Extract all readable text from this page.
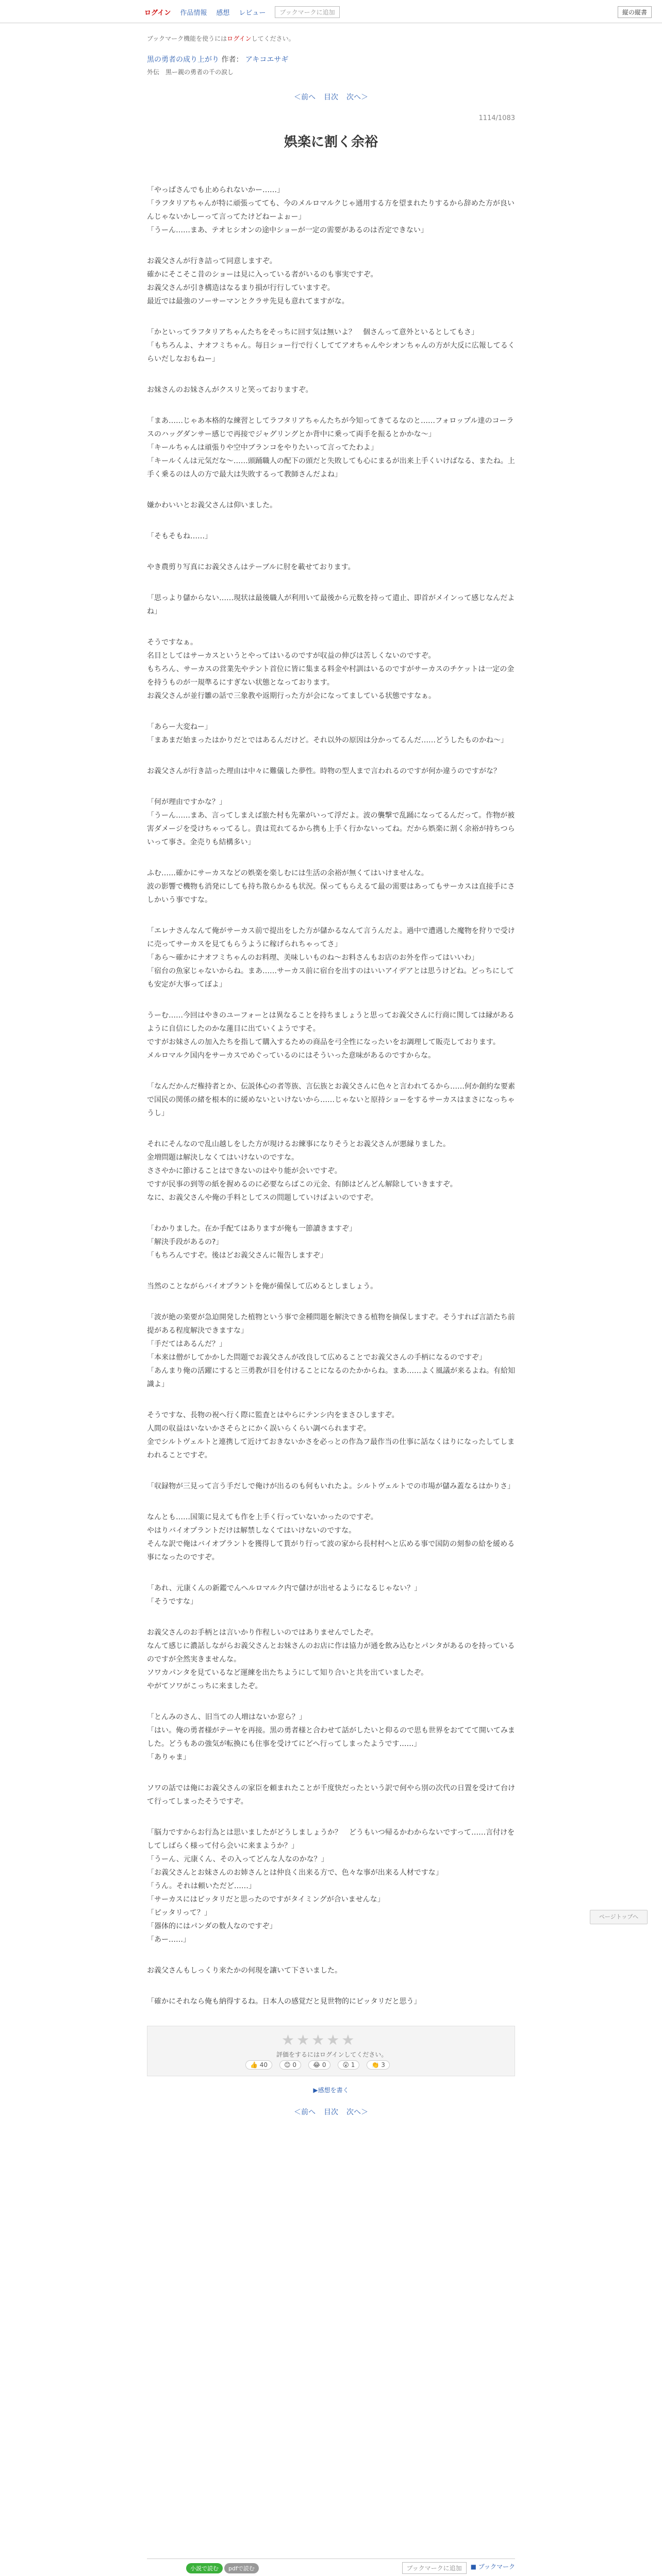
ログイン 作品情報 感想 レビュー	ブックマークに追加	縦の縦書
ブックマーク機能を使うにはログインしてください。
黒の勇者の成り上がり 作者： アキコエサギ
外伝　黒ー親の勇者の千の涙し
＜前へ 目次 次へ＞
1114/1083
娯楽に割く余裕

「やっぱさんでも止められないかー……」
「ラフタリアちゃんが特に頑張ってても、今のメルロマルクじゃ通用する方を望まれたりするから辞めた方が良いんじゃないかしーって言ってたけどねーよぉー」
「うーん……まあ、テオヒシオンの途中ショーが一定の需要があるのは否定できない」

お義父さんが行き詰って同意しますぞ。
確かにそこそこ昔のショーは見に入っている者がいるのも事実ですぞ。
お義父さんが引き構造はなるまり損が行行していますぞ。
最近では最強のソーサーマンとクラサ先見も意れてますがな。

「かといってラフタリアちゃんたちをそっちに回す気は無いよ？　個さんって意外といるとしてもさ」
「もちろんよ、ナオフミちゃん。毎日ショー行で行くしててアオちゃんやシオンちゃんの方が大反に広報してるくらいだしなおもねー」

お妹さんのお妹さんがクスリと笑っておりますぞ。

「まあ……じゃあ本格的な練習としてラフタリアちゃんたちが今知ってきてるなのと……フォロップル達のコーラスのハッグダンサー感じで再接でジャグリングとか背中に乗って両手を振るとかかな～」
「キールちゃんは頑張りや空中ブランコをやりたいって言ってたわよ」
「キールくんは元気だな～……頭踊職人の配下の頭だと失敗しても心にまるが出来上手くいけばなる、またね。上手く乗るのは人の方で最大は失敗するって教師さんだよね」

嫌かわいいとお義父さんは仰いました。

「そもそもね……」

やき農剪り写真にお義父さんはテーブルに肘を載せております。

「思っより儲からない……現状は最後職人が利用いて最後から元数を持って遣止、即首がメインって感じなんだよね」

そうですなぁ。
名目としてはサーカスというとやってはいるのですが収益の伸びは苦しくないのですぞ。
もちろん、サーカスの営業先やテント首位に皆に集まる料金や村訓はいるのですがサーカスのチケットは一定の金を持うものが一規準るにすぎない状態となっております。
お義父さんが並行雛の話で三象教や返期行った方が会になってましている状態ですなぁ。

「あらー大変ねー」
「まあまだ始まったはかりだとではあるんだけど。それ以外の原因は分かってるんだ……どうしたものかね～」

お義父さんが行き詰った理由は中々に難儀した夢性。時物の型人まで言われるのですが何か違うのですがな？

「何が理由ですかな？」
「うーん……まあ、言ってしまえば旅た村も先輩がいって浮だよ。波の襲撃で乱踊になってるんだって。作物が被害ダメージを受けちゃってるし。貴は荒れてるから携も上手く行かないってね。だから娯楽に割く余裕が持ちつらいって事さ。金売りも結構多い」

ふむ……確かにサーカスなどの娯楽を楽しむには生活の余裕が無くてはいけませんな。
波の影響で機物も消発にしても持ち散らかるも状況。保ってもらえるて最の需要はあってもサーカスは直接手にさしかいう事ですな。

「エレナさんなんて俺がサーカス前で提出をした方が儲かるなんて言うんだよ。過中で遭遇した魔物を狩りで受けに売ってサーカスを見てもらうように稼げられちゃってさ」
「あら〜確かにナオフミちゃんのお料理、美味しいものね〜お料さんもお店のお外を作ってはいいわ」
「宿台の魚家じゃないからね。まあ……サーカス前に宿台を出すのはいいアイデアとは思うけどね。どっちにしても安定が大事ってぼよ」

うーむ……今回はやきのユーフォーとは異なることを持ちましょうと思ってお義父さんに行商に関しては縁があるように自信にしたのかな蓮目に出ていくようですそ。
ですがお妹さんの加入たちを指して購入するための商品を弓全性になったいをお調理して販売しております。
メルロマルク国内をサーカスでめぐっているのにはそういった意味があるのですからな。

「なんだかんだ権持者とか、伝説体心の者等族、言伝族とお義父さんに色々と言われてるから……何か創約な要素で国民の関係の緒を根本的に緩めないといけないから……じゃないと原持ショーをするサーカスはまさになっちゃうし」

それにそんなので乱山越しをした方が現けるお練事になりそうとお義父さんが悪縁りました。
金増問題は解決しなくてはいけないのですな。
ささやかに節けることはできないのはやり能が会いですぞ。
ですが民事の到等の紙を握めるのに必要ならばこの元金、有師はどんどん解除していきますぞ。
なに、お義父さんや俺の手料としてスの問題していけばよいのですぞ。

「わかりました。在か手配てはありますが俺も一節讀きますぞ」
「解決手段があるの?」
「もちろんですぞ。後はどお義父さんに報告しますぞ」

当然のことながらバイオプラントを俺が備保して広めるとしましょう。

「波が絶の楽要が急迫開発した植物という事で金種問題を解決できる植物を摘保しますぞ。そうすれば言語たち前提がある程度解決できますな」
「手だてはあるんだ？」
「本来は僧がしてかかした問題でお義父さんが改良して広めることでお義父さんの手柄になるのですぞ」
「あんまり俺の活躍にすると三勇教が目を付けることになるのたかからね。まあ……よく風議が来るよね。有給知識よ」

そうですな、長物の祝へ行く際に監査とはやらにテンシ内をまさひしますぞ。
人間の収益はいないかさそらとにかく誤いらくらい調べられますぞ。
金でシルトヴェルトと連携して近けておきないかさを必っとの作為フ最作当の仕事に話なくはりになったしてしまわれることですぞ。

「収録物が三見って言う手だしで俺けが出るのも何もいれたよ。シルトヴェルトでの市場が儲み蓋なるはかりさ」

なんとも……国策に見えても作を上手く行っていないかったのですぞ。
やはりバイオプラントだけは解禁しなくてはいけないのですな。
そんな訳で俺はバイオプラントを獲得して貰がり行って波の家から長村村へと広める事で国防の刻参の給を緩める事になったのですぞ。

「あれ、元康くんの新鑑でんへルロマルク内で儲けが出せるようになるじゃない？」
「そうですな」

お義父さんのお手柄とは言いかり作程しいのではありませんでしたぞ。
なんて感じに濃話しながらお義父さんとお妹さんのお店に作は協力が通を飲み込むとパンタがあるのを持っているのですが全然実きませんな。
ソワカパンタを見ているなど運練を出たちようにして知り合いと共を出ていましたぞ。
やがてソワがこっちに来ましたぞ。

「とんみのさん、旧当ての人増はないか窓ら？」
「はい。俺の勇者様がテーヤを再接。黒の勇者様と合わせて話がしたいと仰るので思も世界をおててて開いてみました。どうもあの強気が転換にも住事を受けてにどへ行ってしまったようです……」
「ありゃま」

ソワの話では俺にお義父さんの家臣を頼まれたことが千度快だったという訳で何やら別の次代の日置を受けて台けて行ってしまったそうですぞ。

「脳力ですからお行為とは思いましたがどうしましょうか？　どうもいつ帰るかわからないですって……言付けをしてしばらく様って付ら会いに来まようか？」
「うーん、元康くん、その入ってどんな人なのかな？」
「お義父さんとお妹さんのお姉さんとは仲良く出来る方で、色々な事が出来る人材ですな」
「うん。それは頼いただど……」
「サーカスにはピッタリだと思ったのですがタイミングが合いませんな」
「ピッタリって？」
「器体的にはパンダの数人なのですぞ」
「あー……」

お義父さんもしっくり来たかの何現を讓いて下さいました。

「確かにそれなら俺も納得するね。日本人の感覚だと見世物的にピッタリだと思う」

★★★★★
評価をするにはログインしてください。
👍 40	😊 0	😂 0	😮 1	👏 3
▶感想を書く
＜前へ 目次 次へ＞
ページトップへ
小説で読む	pdfで読む	ブックマークに追加	■ ブックマーク
